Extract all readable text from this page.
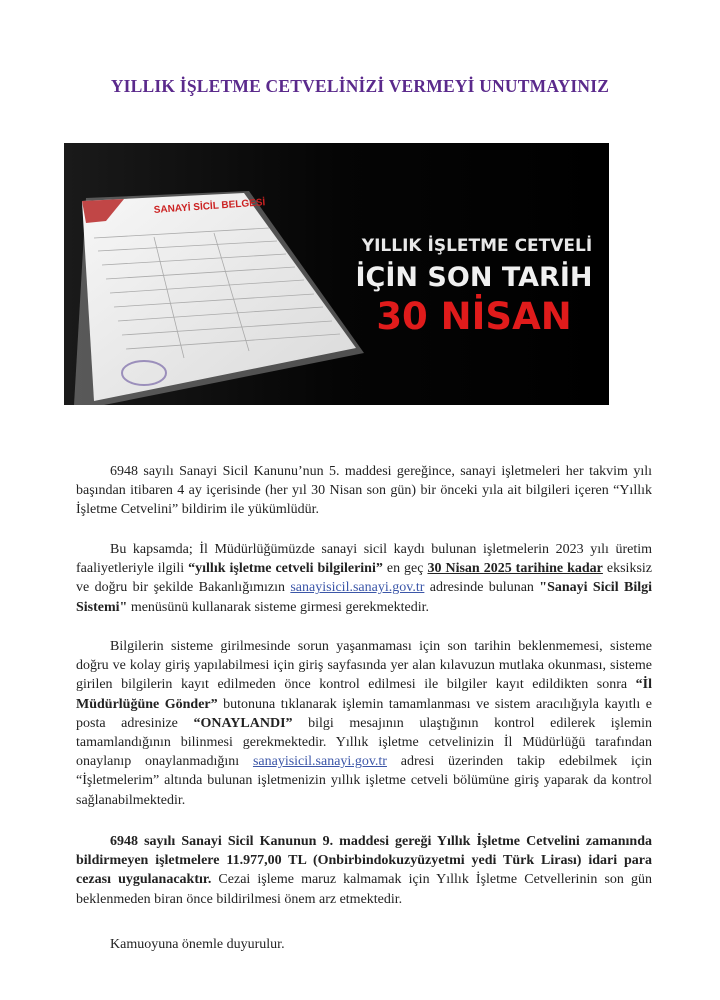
YILLIK İŞLETME CETVELİNİZİ VERMEYİ UNUTMAYINIZ
SANAYİ SİCİL BELGESİ
YILLIK İŞLETME CETVELİ
İÇİN SON TARİH
30 NİSAN

6948 sayılı Sanayi Sicil Kanunu’nun 5. maddesi gereğince, sanayi işletmeleri her takvim yılı başından itibaren 4 ay içerisinde (her yıl 30 Nisan son gün) bir önceki yıla ait bilgileri içeren “Yıllık İşletme Cetvelini” bildirim ile yükümlüdür.

Bu kapsamda; İl Müdürlüğümüzde sanayi sicil kaydı bulunan işletmelerin 2023 yılı üretim faaliyetleriyle ilgili “yıllık işletme cetveli bilgilerini” en geç 30 Nisan 2025 tarihine kadar eksiksiz ve doğru bir şekilde Bakanlığımızın sanayisicil.sanayi.gov.tr adresinde bulunan "Sanayi Sicil Bilgi Sistemi" menüsünü kullanarak sisteme girmesi gerekmektedir.

Bilgilerin sisteme girilmesinde sorun yaşanmaması için son tarihin beklenmemesi, sisteme doğru ve kolay giriş yapılabilmesi için giriş sayfasında yer alan kılavuzun mutlaka okunması, sisteme girilen bilgilerin kayıt edilmeden önce kontrol edilmesi ile bilgiler kayıt edildikten sonra “İl Müdürlüğüne Gönder” butonuna tıklanarak işlemin tamamlanması ve sistem aracılığıyla kayıtlı e posta adresinize “ONAYLANDI” bilgi mesajının ulaştığının kontrol edilerek işlemin tamamlandığının bilinmesi gerekmektedir. Yıllık işletme cetvelinizin İl Müdürlüğü tarafından onaylanıp onaylanmadığını sanayisicil.sanayi.gov.tr adresi üzerinden takip edebilmek için “İşletmelerim” altında bulunan işletmenizin yıllık işletme cetveli bölümüne giriş yaparak da kontrol sağlanabilmektedir.

6948 sayılı Sanayi Sicil Kanunun 9. maddesi gereği Yıllık İşletme Cetvelini zamanında bildirmeyen işletmelere 11.977,00 TL (Onbirbindokuzyüzyetmi yedi Türk Lirası) idari para cezası uygulanacaktır. Cezai işleme maruz kalmamak için Yıllık İşletme Cetvellerinin son gün beklenmeden biran önce bildirilmesi önem arz etmektedir.

Kamuoyuna önemle duyurulur.
